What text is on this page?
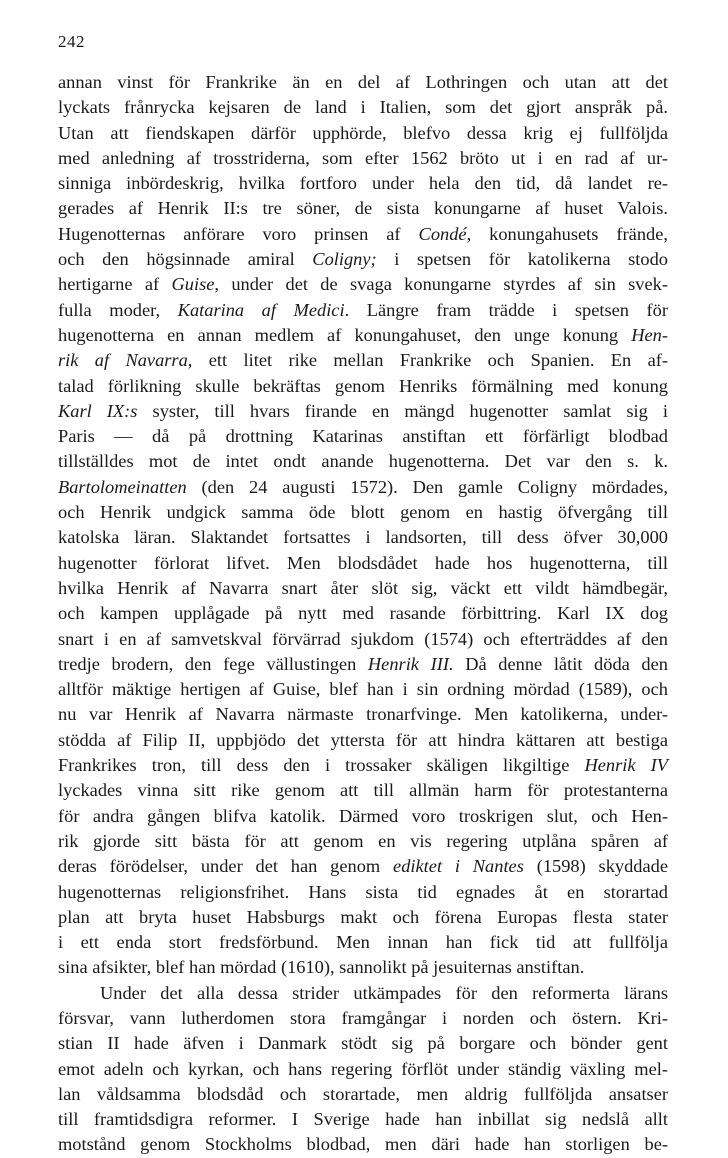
242
annan vinst för Frankrike än en del af Lothringen och utan att det
lyckats frånrycka kejsaren de land i Italien, som det gjort anspråk på.
Utan att fiendskapen därför upphörde, blefvo dessa krig ej fullföljda
med anledning af trosstriderna, som efter 1562 bröto ut i en rad af ur-
sinniga inbördeskrig, hvilka fortforo under hela den tid, då landet re-
gerades af Henrik II:s tre söner, de sista konungarne af huset Valois.
Hugenotternas anförare voro prinsen af Condé, konungahusets frände,
och den högsinnade amiral Coligny; i spetsen för katolikerna stodo
hertigarne af Guise, under det de svaga konungarne styrdes af sin svek-
fulla moder, Katarina af Medici. Längre fram trädde i spetsen för
hugenotterna en annan medlem af konungahuset, den unge konung Hen-
rik af Navarra, ett litet rike mellan Frankrike och Spanien. En af-
talad förlikning skulle bekräftas genom Henriks förmälning med konung
Karl IX:s syster, till hvars firande en mängd hugenotter samlat sig i
Paris — då på drottning Katarinas anstiftan ett förfärligt blodbad
tillställdes mot de intet ondt anande hugenotterna. Det var den s. k.
Bartolomeinatten (den 24 augusti 1572). Den gamle Coligny mördades,
och Henrik undgick samma öde blott genom en hastig öfvergång till
katolska läran. Slaktandet fortsattes i landsorten, till dess öfver 30,000
hugenotter förlorat lifvet. Men blodsdådet hade hos hugenotterna, till
hvilka Henrik af Navarra snart åter slöt sig, väckt ett vildt hämdbegär,
och kampen upplågade på nytt med rasande förbittring. Karl IX dog
snart i en af samvetskval förvärrad sjukdom (1574) och efterträddes af den
tredje brodern, den fege vällustingen Henrik III. Då denne låtit döda den
alltför mäktige hertigen af Guise, blef han i sin ordning mördad (1589), och
nu var Henrik af Navarra närmaste tronarfvinge. Men katolikerna, under-
stödda af Filip II, uppbjödo det yttersta för att hindra kättaren att bestiga
Frankrikes tron, till dess den i trossaker skäligen likgiltige Henrik IV
lyckades vinna sitt rike genom att till allmän harm för protestanterna
för andra gången blifva katolik. Därmed voro troskrigen slut, och Hen-
rik gjorde sitt bästa för att genom en vis regering utplåna spåren af
deras förödelser, under det han genom ediktet i Nantes (1598) skyddade
hugenotternas religionsfrihet. Hans sista tid egnades åt en storartad
plan att bryta huset Habsburgs makt och förena Europas flesta stater
i ett enda stort fredsförbund. Men innan han fick tid att fullfölja
sina afsikter, blef han mördad (1610), sannolikt på jesuiternas anstiftan.
Under det alla dessa strider utkämpades för den reformerta lärans
försvar, vann lutherdomen stora framgångar i norden och östern. Kri-
stian II hade äfven i Danmark stödt sig på borgare och bönder gent
emot adeln och kyrkan, och hans regering förflöt under ständig växling mel-
lan våldsamma blodsdåd och storartade, men aldrig fullföljda ansatser
till framtidsdigra reformer. I Sverige hade han inbillat sig nedslå allt
motstånd genom Stockholms blodbad, men däri hade han storligen be-
